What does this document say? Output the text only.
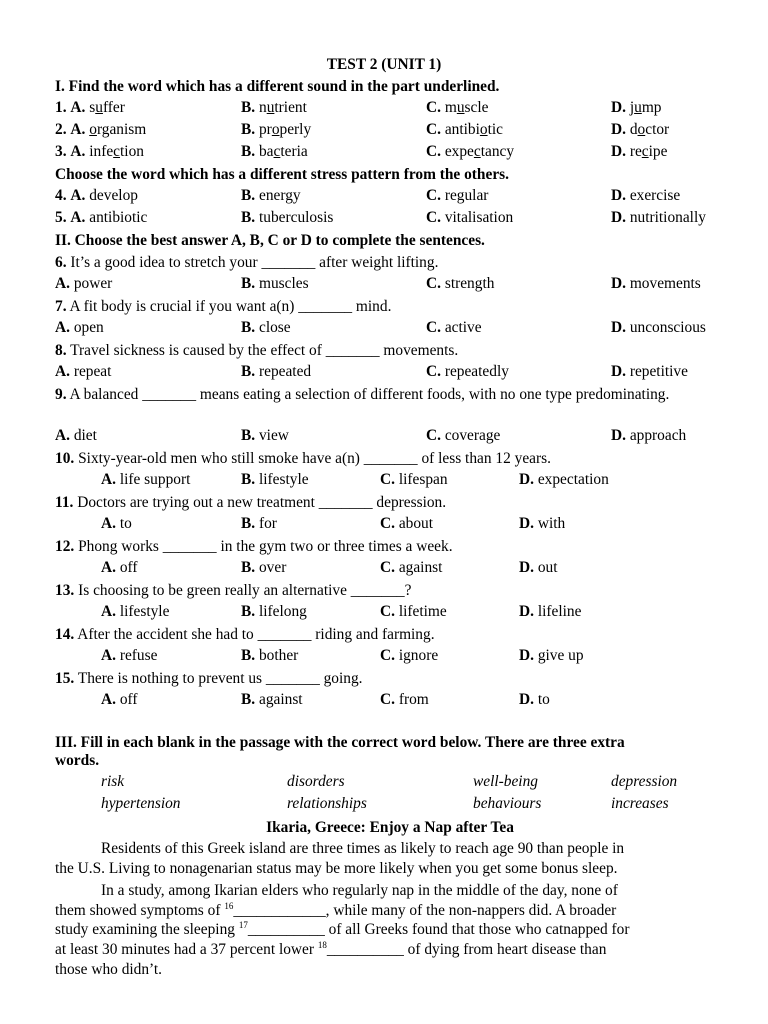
TEST 2 (UNIT 1)
I. Find the word which has a different sound in the part underlined.
1. A. suffer	B. nutrient	C. muscle	D. jump
2. A. organism	B. properly	C. antibiotic	D. doctor
3. A. infection	B. bacteria	C. expectancy	D. recipe
Choose the word which has a different stress pattern from the others.
4. A. develop	B. energy	C. regular	D. exercise
5. A. antibiotic	B. tuberculosis	C. vitalisation	D. nutritionally
II. Choose the best answer A, B, C or D to complete the sentences.
6. It’s a good idea to stretch your _______ after weight lifting.
A. power	B. muscles	C. strength	D. movements
7. A fit body is crucial if you want a(n) _______ mind.
A. open	B. close	C. active	D. unconscious
8. Travel sickness is caused by the effect of _______ movements.
A. repeat	B. repeated	C. repeatedly	D. repetitive
9. A balanced _______ means eating a selection of different foods, with no one type predominating.
A. diet	B. view	C. coverage	D. approach
10. Sixty-year-old men who still smoke have a(n) _______ of less than 12 years.
A. life support	B. lifestyle	C. lifespan	D. expectation
11. Doctors are trying out a new treatment _______ depression.
A. to	B. for	C. about	D. with
12. Phong works _______ in the gym two or three times a week.
A. off	B. over	C. against	D. out
13. Is choosing to be green really an alternative _______?
A. lifestyle	B. lifelong	C. lifetime	D. lifeline
14. After the accident she had to _______ riding and farming.
A. refuse	B. bother	C. ignore	D. give up
15. There is nothing to prevent us _______ going.
A. off	B. against	C. from	D. to
III. Fill in each blank in the passage with the correct word below. There are three extra
words.
risk	disorders	well-being	depression
hypertension	relationships	behaviours	increases
Ikaria, Greece: Enjoy a Nap after Tea
Residents of this Greek island are three times as likely to reach age 90 than people in
the U.S. Living to nonagenarian status may be more likely when you get some bonus sleep.
In a study, among Ikarian elders who regularly nap in the middle of the day, none of
them showed symptoms of $^{16}$____________, while many of the non-nappers did. A broader
study examining the sleeping $^{17}$__________ of all Greeks found that those who catnapped for
at least 30 minutes had a 37 percent lower $^{18}$__________ of dying from heart disease than
those who didn’t.
